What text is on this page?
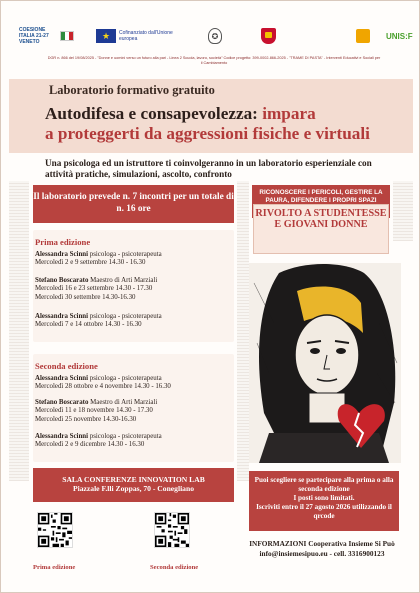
COESIONE ITALIA 21-27 VENETO
★	Cofinanziato dall'Unione europea	✪	UNIS:F
DGR n. 866 del 19/08/2025 - "Donne e uomini verso un futuro alla pari - Linea 2 Scuola, lavoro, società" Codice progetto: 399-0002-866-2025 - "TRAME DI PASTA" - Interventi Educativi e Sociali per il Cambiamento
Laboratorio formativo gratuito
Autodifesa e consapevolezza: impara
a proteggerti da aggressioni fisiche e virtuali
Una psicologa ed un istruttore ti coinvolgeranno in un laboratorio esperienziale con attività pratiche, simulazioni, ascolto, confronto
Il laboratorio prevede n. 7 incontri per un totale di n. 16 ore
Prima edizione
Alessandra Scinni psicologa - psicoterapeuta
Mercoledì 2 e 9 settembre 14.30 - 16.30
Stefano Boscarato Maestro di Arti Marziali
Mercoledì 16 e 23 settembre 14.30 - 17.30
Mercoledì 30 settembre 14.30-16.30
Alessandra Scinni psicologa - psicoterapeuta
Mercoledì 7 e 14 ottobre 14.30 - 16.30
Seconda edizione
Alessandra Scinni psicologa - psicoterapeuta
Mercoledì 28 ottobre e 4 novembre 14.30 - 16.30
Stefano Boscarato Maestro di Arti Marziali
Mercoledì 11 e 18 novembre 14.30 - 17.30
Mercoledì 25 novembre 14.30-16.30
Alessandra Scinni psicologa - psicoterapeuta
Mercoledì 2 e 9 dicembre 14.30 - 16.30
RICONOSCERE I PERICOLI, GESTIRE LA PAURA, DIFENDERE I PROPRI SPAZI
RIVOLTO A STUDENTESSE E GIOVANI DONNE
SALA CONFERENZE INNOVATION LAB
Piazzale F.lli Zoppas, 70 - Conegliano
Puoi scegliere se partecipare alla prima o alla seconda edizione
I posti sono limitati.
Iscriviti entro il 27 agosto 2026 utilizzando il qrcode
Prima edizione	Seconda edizione
INFORMAZIONI Cooperativa Insieme Si Può
info@insiemesipuo.eu - cell. 3316900123
